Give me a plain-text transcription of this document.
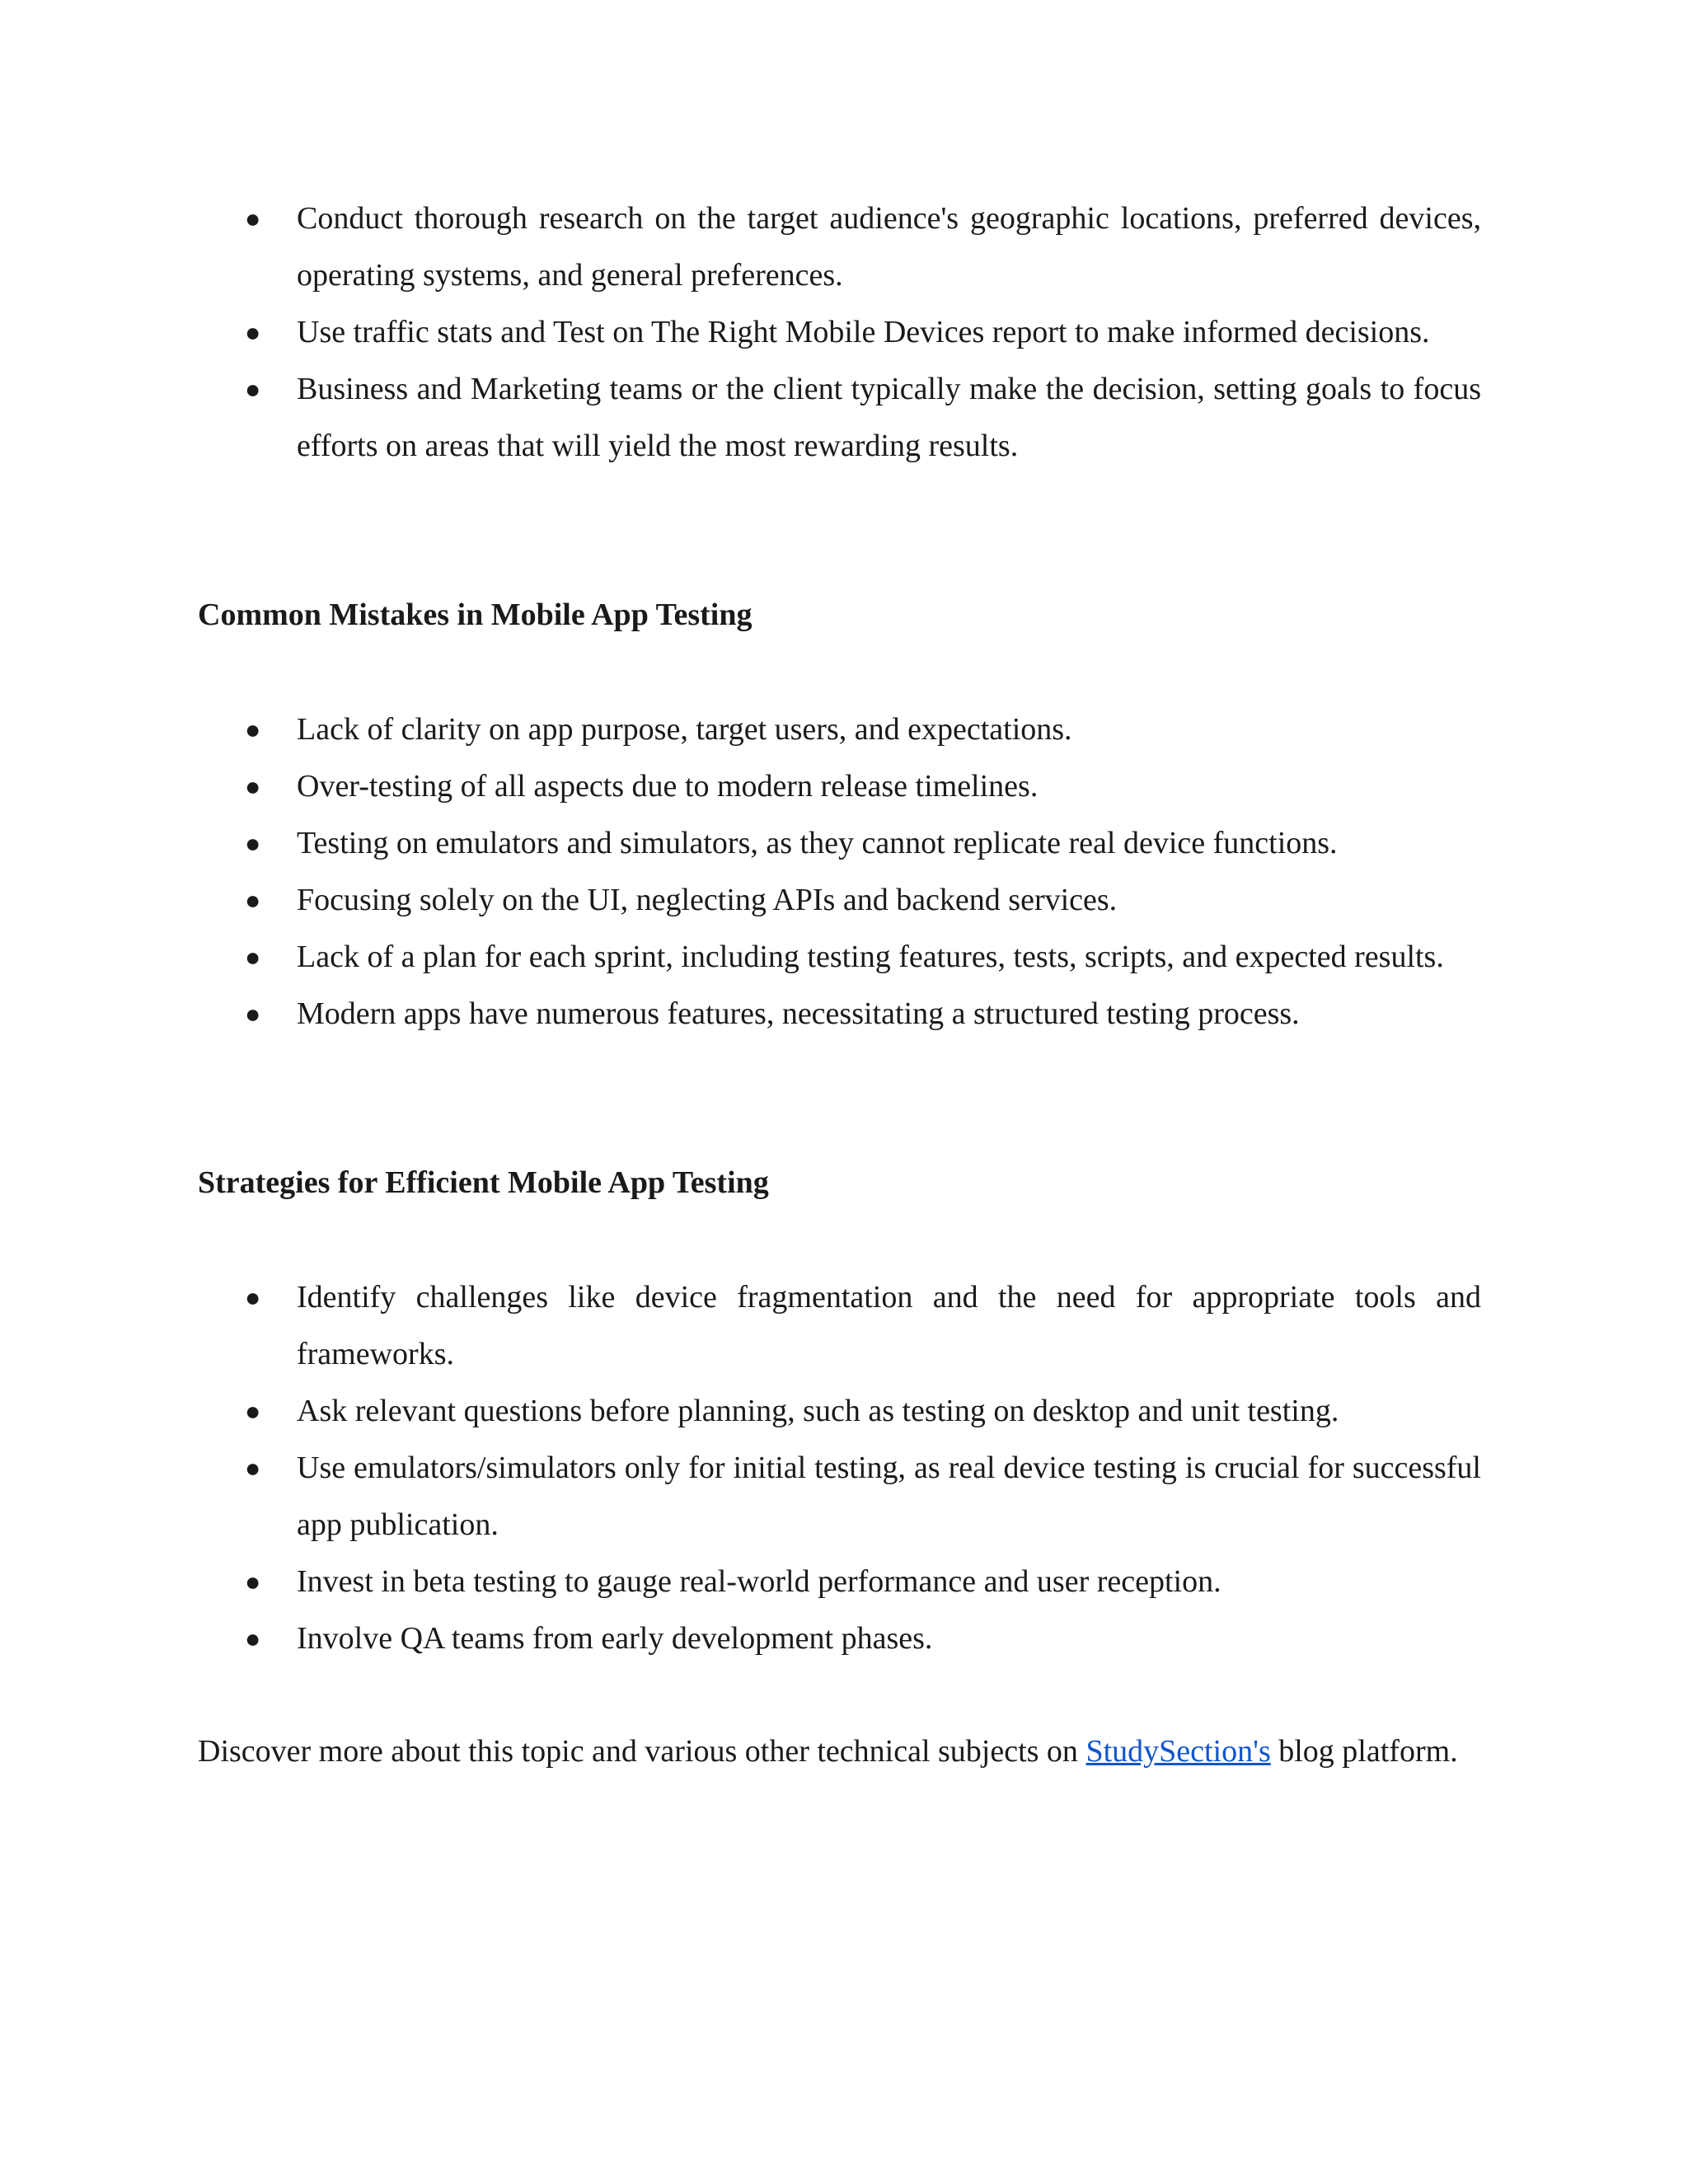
● Conduct thorough research on the target audience's geographic locations, preferred devices, operating systems, and general preferences.
● Use traffic stats and Test on The Right Mobile Devices report to make informed decisions.
● Business and Marketing teams or the client typically make the decision, setting goals to focus efforts on areas that will yield the most rewarding results.
Common Mistakes in Mobile App Testing
● Lack of clarity on app purpose, target users, and expectations.
● Over-testing of all aspects due to modern release timelines.
● Testing on emulators and simulators, as they cannot replicate real device functions.
● Focusing solely on the UI, neglecting APIs and backend services.
● Lack of a plan for each sprint, including testing features, tests, scripts, and expected results.
● Modern apps have numerous features, necessitating a structured testing process.
Strategies for Efficient Mobile App Testing
● Identify challenges like device fragmentation and the need for appropriate tools and frameworks.
● Ask relevant questions before planning, such as testing on desktop and unit testing.
● Use emulators/simulators only for initial testing, as real device testing is crucial for successful app publication.
● Invest in beta testing to gauge real-world performance and user reception.
● Involve QA teams from early development phases.

Discover more about this topic and various other technical subjects on StudySection's blog platform.
